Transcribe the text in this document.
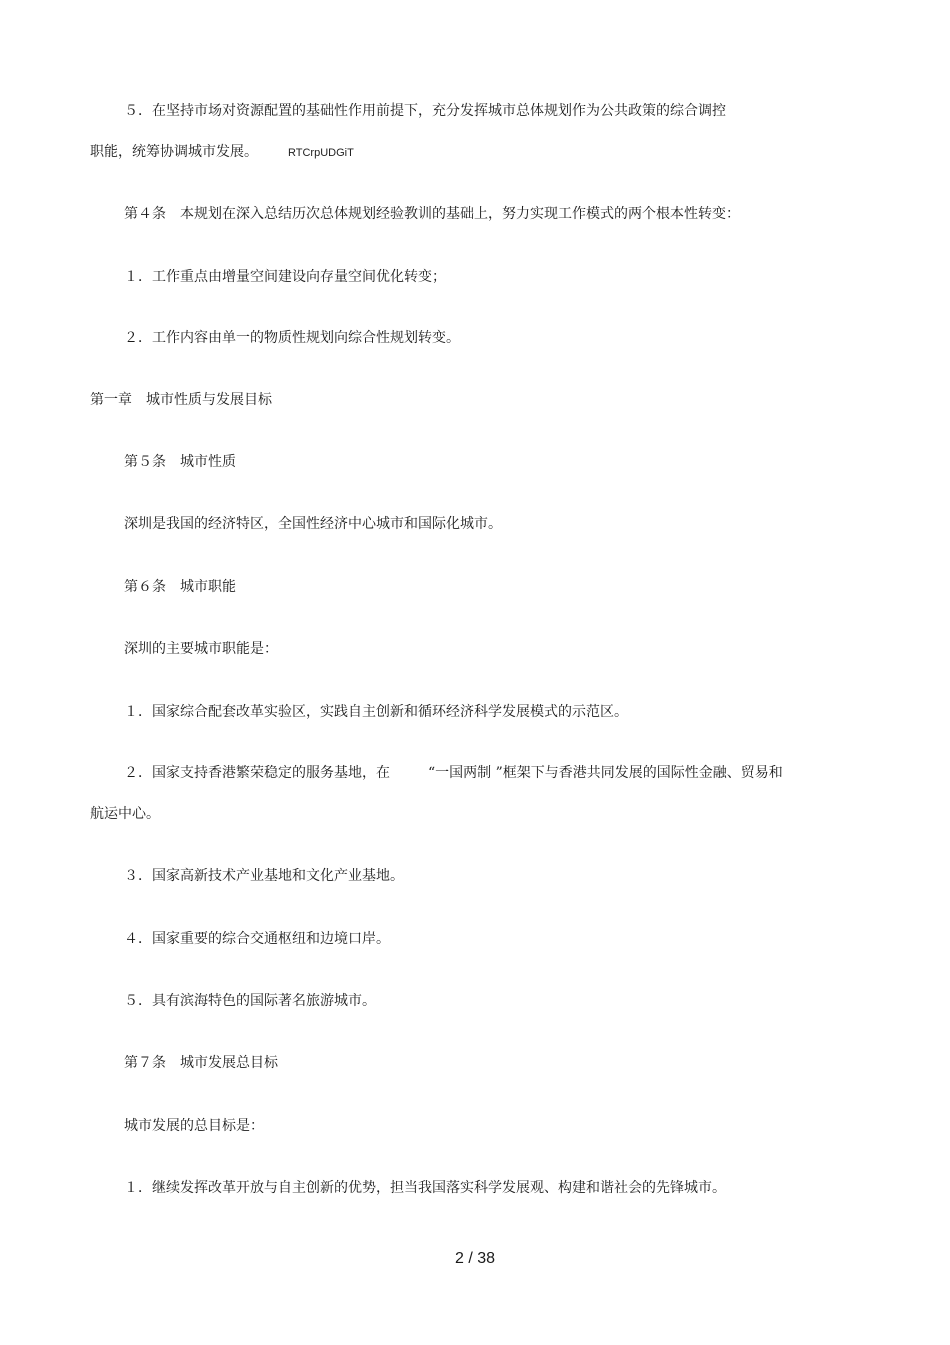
５．在坚持市场对资源配置的基础性作用前提下，充分发挥城市总体规划作为公共政策的综合调控
职能，统筹协调城市发展。	RTCrpUDGiT
第４条　本规划在深入总结历次总体规划经验教训的基础上，努力实现工作模式的两个根本性转变：
１．工作重点由增量空间建设向存量空间优化转变；
２．工作内容由单一的物质性规划向综合性规划转变。
第一章　城市性质与发展目标
第５条　城市性质
深圳是我国的经济特区，全国性经济中心城市和国际化城市。
第６条　城市职能
深圳的主要城市职能是：
１．国家综合配套改革实验区，实践自主创新和循环经济科学发展模式的示范区。
２．国家支持香港繁荣稳定的服务基地，在	“一国两制 ”框架下与香港共同发展的国际性金融、贸易和
航运中心。
３．国家高新技术产业基地和文化产业基地。
４．国家重要的综合交通枢纽和边境口岸。
５．具有滨海特色的国际著名旅游城市。
第７条　城市发展总目标
城市发展的总目标是：
１．继续发挥改革开放与自主创新的优势，担当我国落实科学发展观、构建和谐社会的先锋城市。
2 / 38
